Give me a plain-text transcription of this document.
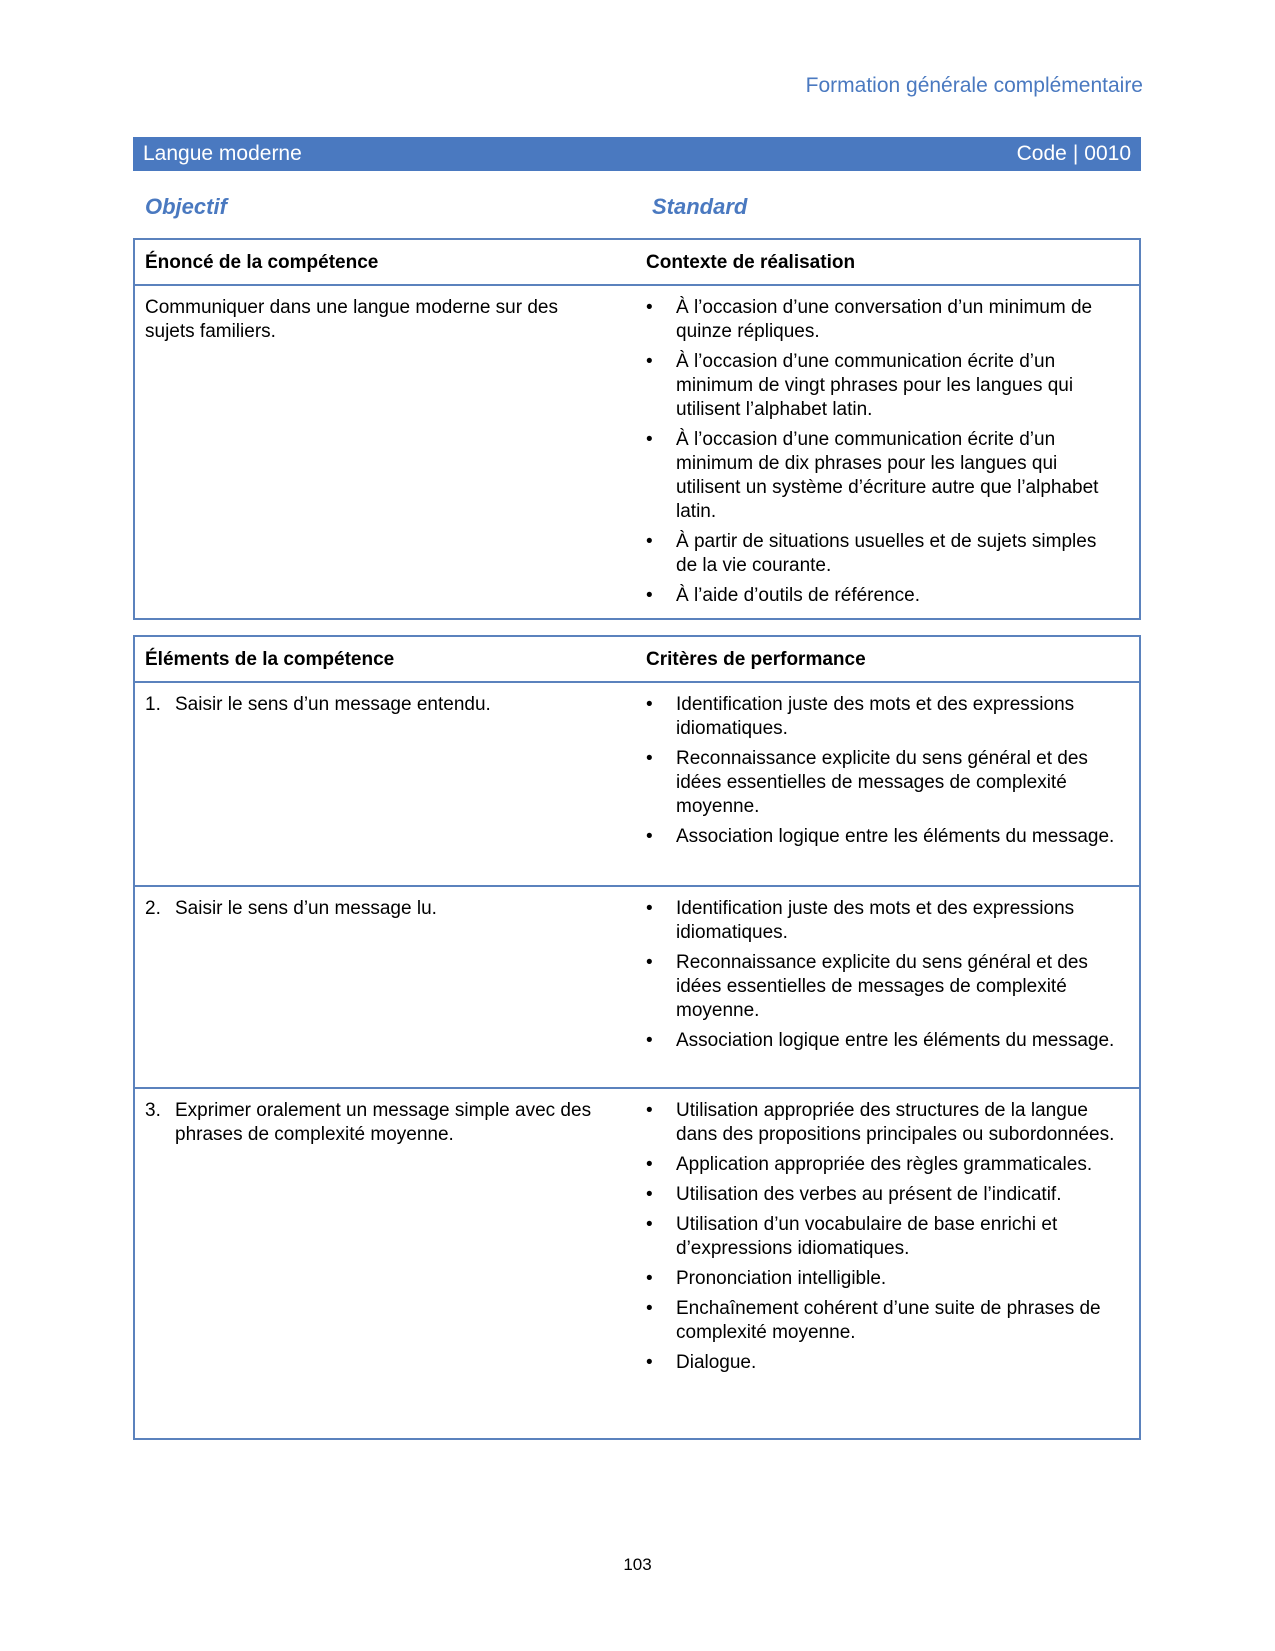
Formation générale complémentaire
Langue moderne	Code | 0010
Objectif	Standard
Énoncé de la compétence	Contexte de réalisation
Communiquer dans une langue moderne sur des sujets familiers.
•	À l’occasion d’une conversation d’un minimum de quinze répliques.
•	À l’occasion d’une communication écrite d’un minimum de vingt phrases pour les langues qui utilisent l’alphabet latin.
•	À l’occasion d’une communication écrite d’un minimum de dix phrases pour les langues qui utilisent un système d’écriture autre que l’alphabet latin.
•	À partir de situations usuelles et de sujets simples de la vie courante.
•	À l’aide d’outils de référence.
Éléments de la compétence	Critères de performance
1. Saisir le sens d’un message entendu.	•	Identification juste des mots et des expressions idiomatiques.
•	Reconnaissance explicite du sens général et des idées essentielles de messages de complexité moyenne.
•	Association logique entre les éléments du message.
2. Saisir le sens d’un message lu.	•	Identification juste des mots et des expressions idiomatiques.
•	Reconnaissance explicite du sens général et des idées essentielles de messages de complexité moyenne.
•	Association logique entre les éléments du message.
3. Exprimer oralement un message simple avec des phrases de complexité moyenne.
•	Utilisation appropriée des structures de la langue dans des propositions principales ou subordonnées.
•	Application appropriée des règles grammaticales.
•	Utilisation des verbes au présent de l’indicatif.
•	Utilisation d’un vocabulaire de base enrichi et d’expressions idiomatiques.
•	Prononciation intelligible.
•	Enchaînement cohérent d’une suite de phrases de complexité moyenne.
•	Dialogue.
103
